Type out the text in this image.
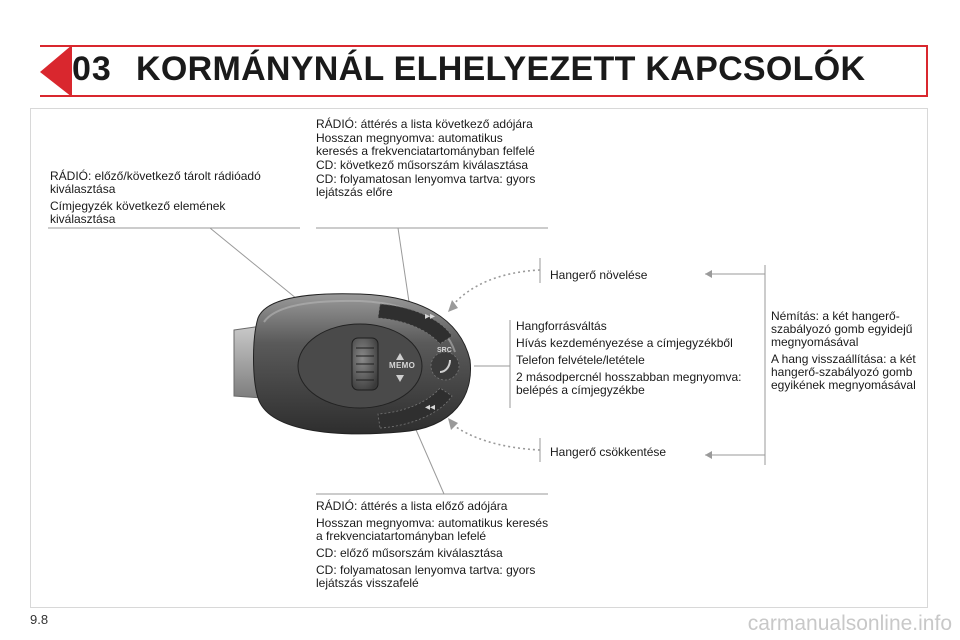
03 KORMÁNYNÁL ELHELYEZETT KAPCSOLÓK
MEMO
SRC
▸▸
◂◂

RÁDIÓ: előző/következő tárolt rádióadó kiválasztása

Címjegyzék következő elemének kiválasztása

RÁDIÓ: áttérés a lista következő adójára

Hosszan megnyomva: automatikus keresés a frekvenciatartományban felfelé

CD: következő műsorszám kiválasztása

CD: folyamatosan lenyomva tartva: gyors lejátszás előre

Hangerő növelése

Hangforrásváltás

Hívás kezdeményezése a címjegyzékből

Telefon felvétele/letétele

2 másodpercnél hosszabban megnyomva: belépés a címjegyzékbe

Némítás: a két hangerő-szabályozó gomb egyidejű megnyomásával

A hang visszaállítása: a két hangerő-szabályozó gomb egyikének megnyomásával

Hangerő csökkentése

RÁDIÓ: áttérés a lista előző adójára

Hosszan megnyomva: automatikus keresés a frekvenciatartományban lefelé

CD: előző műsorszám kiválasztása

CD: folyamatosan lenyomva tartva: gyors lejátszás visszafelé

9.8	carmanualsonline.info
